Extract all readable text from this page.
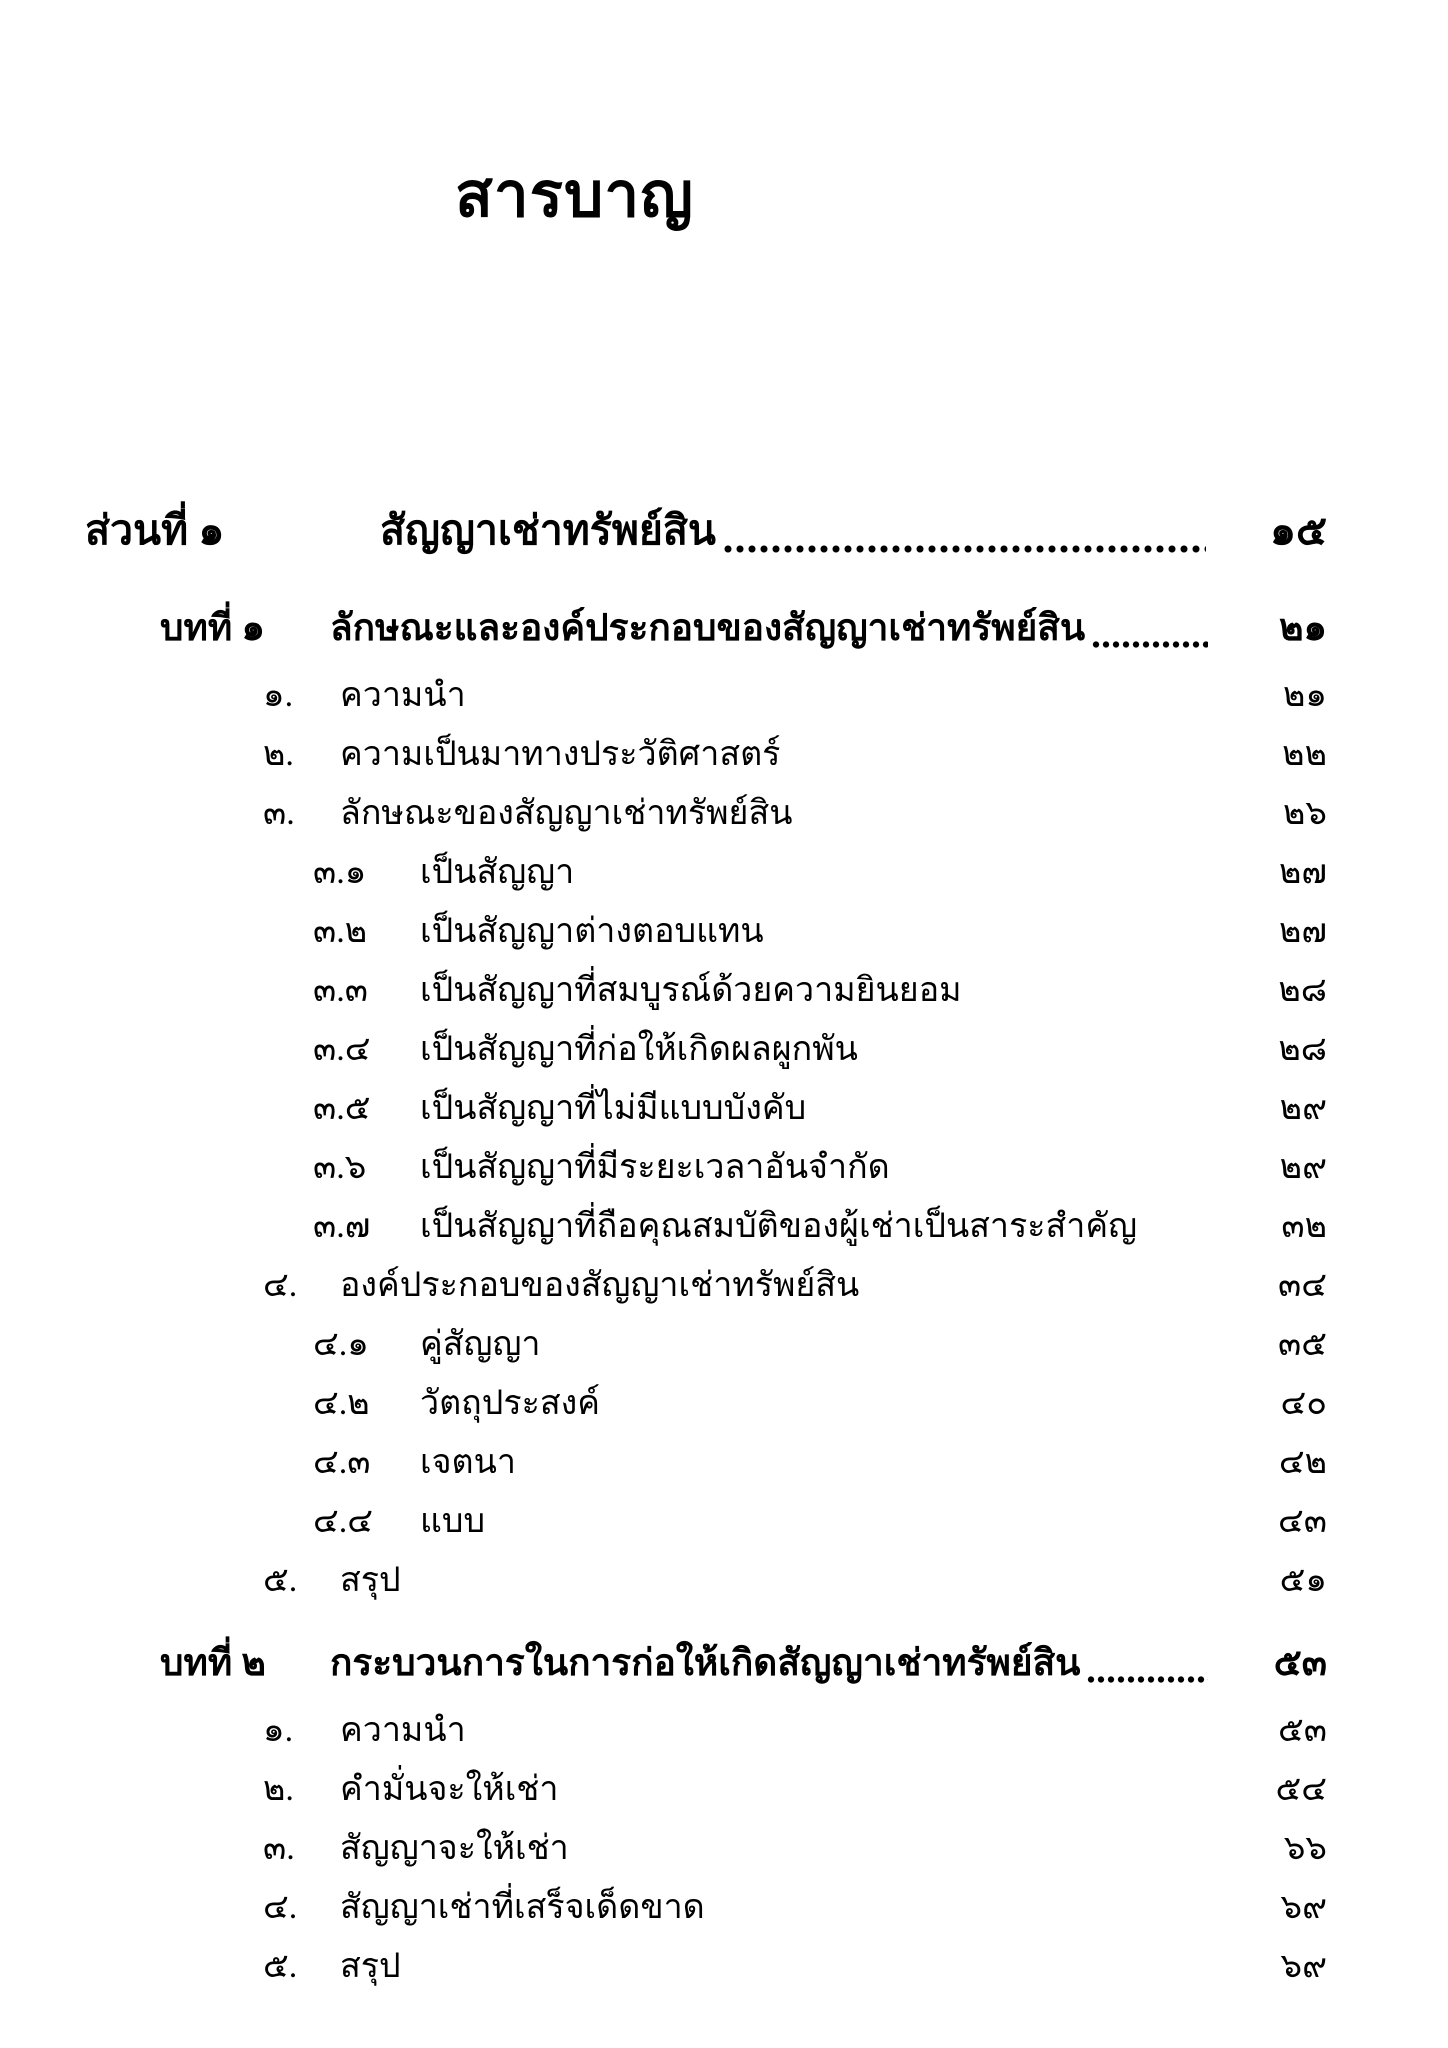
สารบาญ
ส่วนที่ ๑	สัญญาเช่าทรัพย์สิน	๑๕
บทที่ ๑	ลักษณะและองค์ประกอบของสัญญาเช่าทรัพย์สิน	๒๑
๑.	ความนำ	๒๑
๒.	ความเป็นมาทางประวัติศาสตร์	๒๒
๓.	ลักษณะของสัญญาเช่าทรัพย์สิน	๒๖
๓.๑	เป็นสัญญา	๒๗
๓.๒	เป็นสัญญาต่างตอบแทน	๒๗
๓.๓	เป็นสัญญาที่สมบูรณ์ด้วยความยินยอม	๒๘
๓.๔	เป็นสัญญาที่ก่อให้เกิดผลผูกพัน	๒๘
๓.๕	เป็นสัญญาที่ไม่มีแบบบังคับ	๒๙
๓.๖	เป็นสัญญาที่มีระยะเวลาอันจำกัด	๒๙
๓.๗	เป็นสัญญาที่ถือคุณสมบัติของผู้เช่าเป็นสาระสำคัญ	๓๒
๔.	องค์ประกอบของสัญญาเช่าทรัพย์สิน	๓๔
๔.๑	คู่สัญญา	๓๕
๔.๒	วัตถุประสงค์	๔๐
๔.๓	เจตนา	๔๒
๔.๔	แบบ	๔๓
๕.	สรุป	๕๑
บทที่ ๒	กระบวนการในการก่อให้เกิดสัญญาเช่าทรัพย์สิน	๕๓
๑.	ความนำ	๕๓
๒.	คำมั่นจะให้เช่า	๕๔
๓.	สัญญาจะให้เช่า	๖๖
๔.	สัญญาเช่าที่เสร็จเด็ดขาด	๖๙
๕.	สรุป	๖๙
